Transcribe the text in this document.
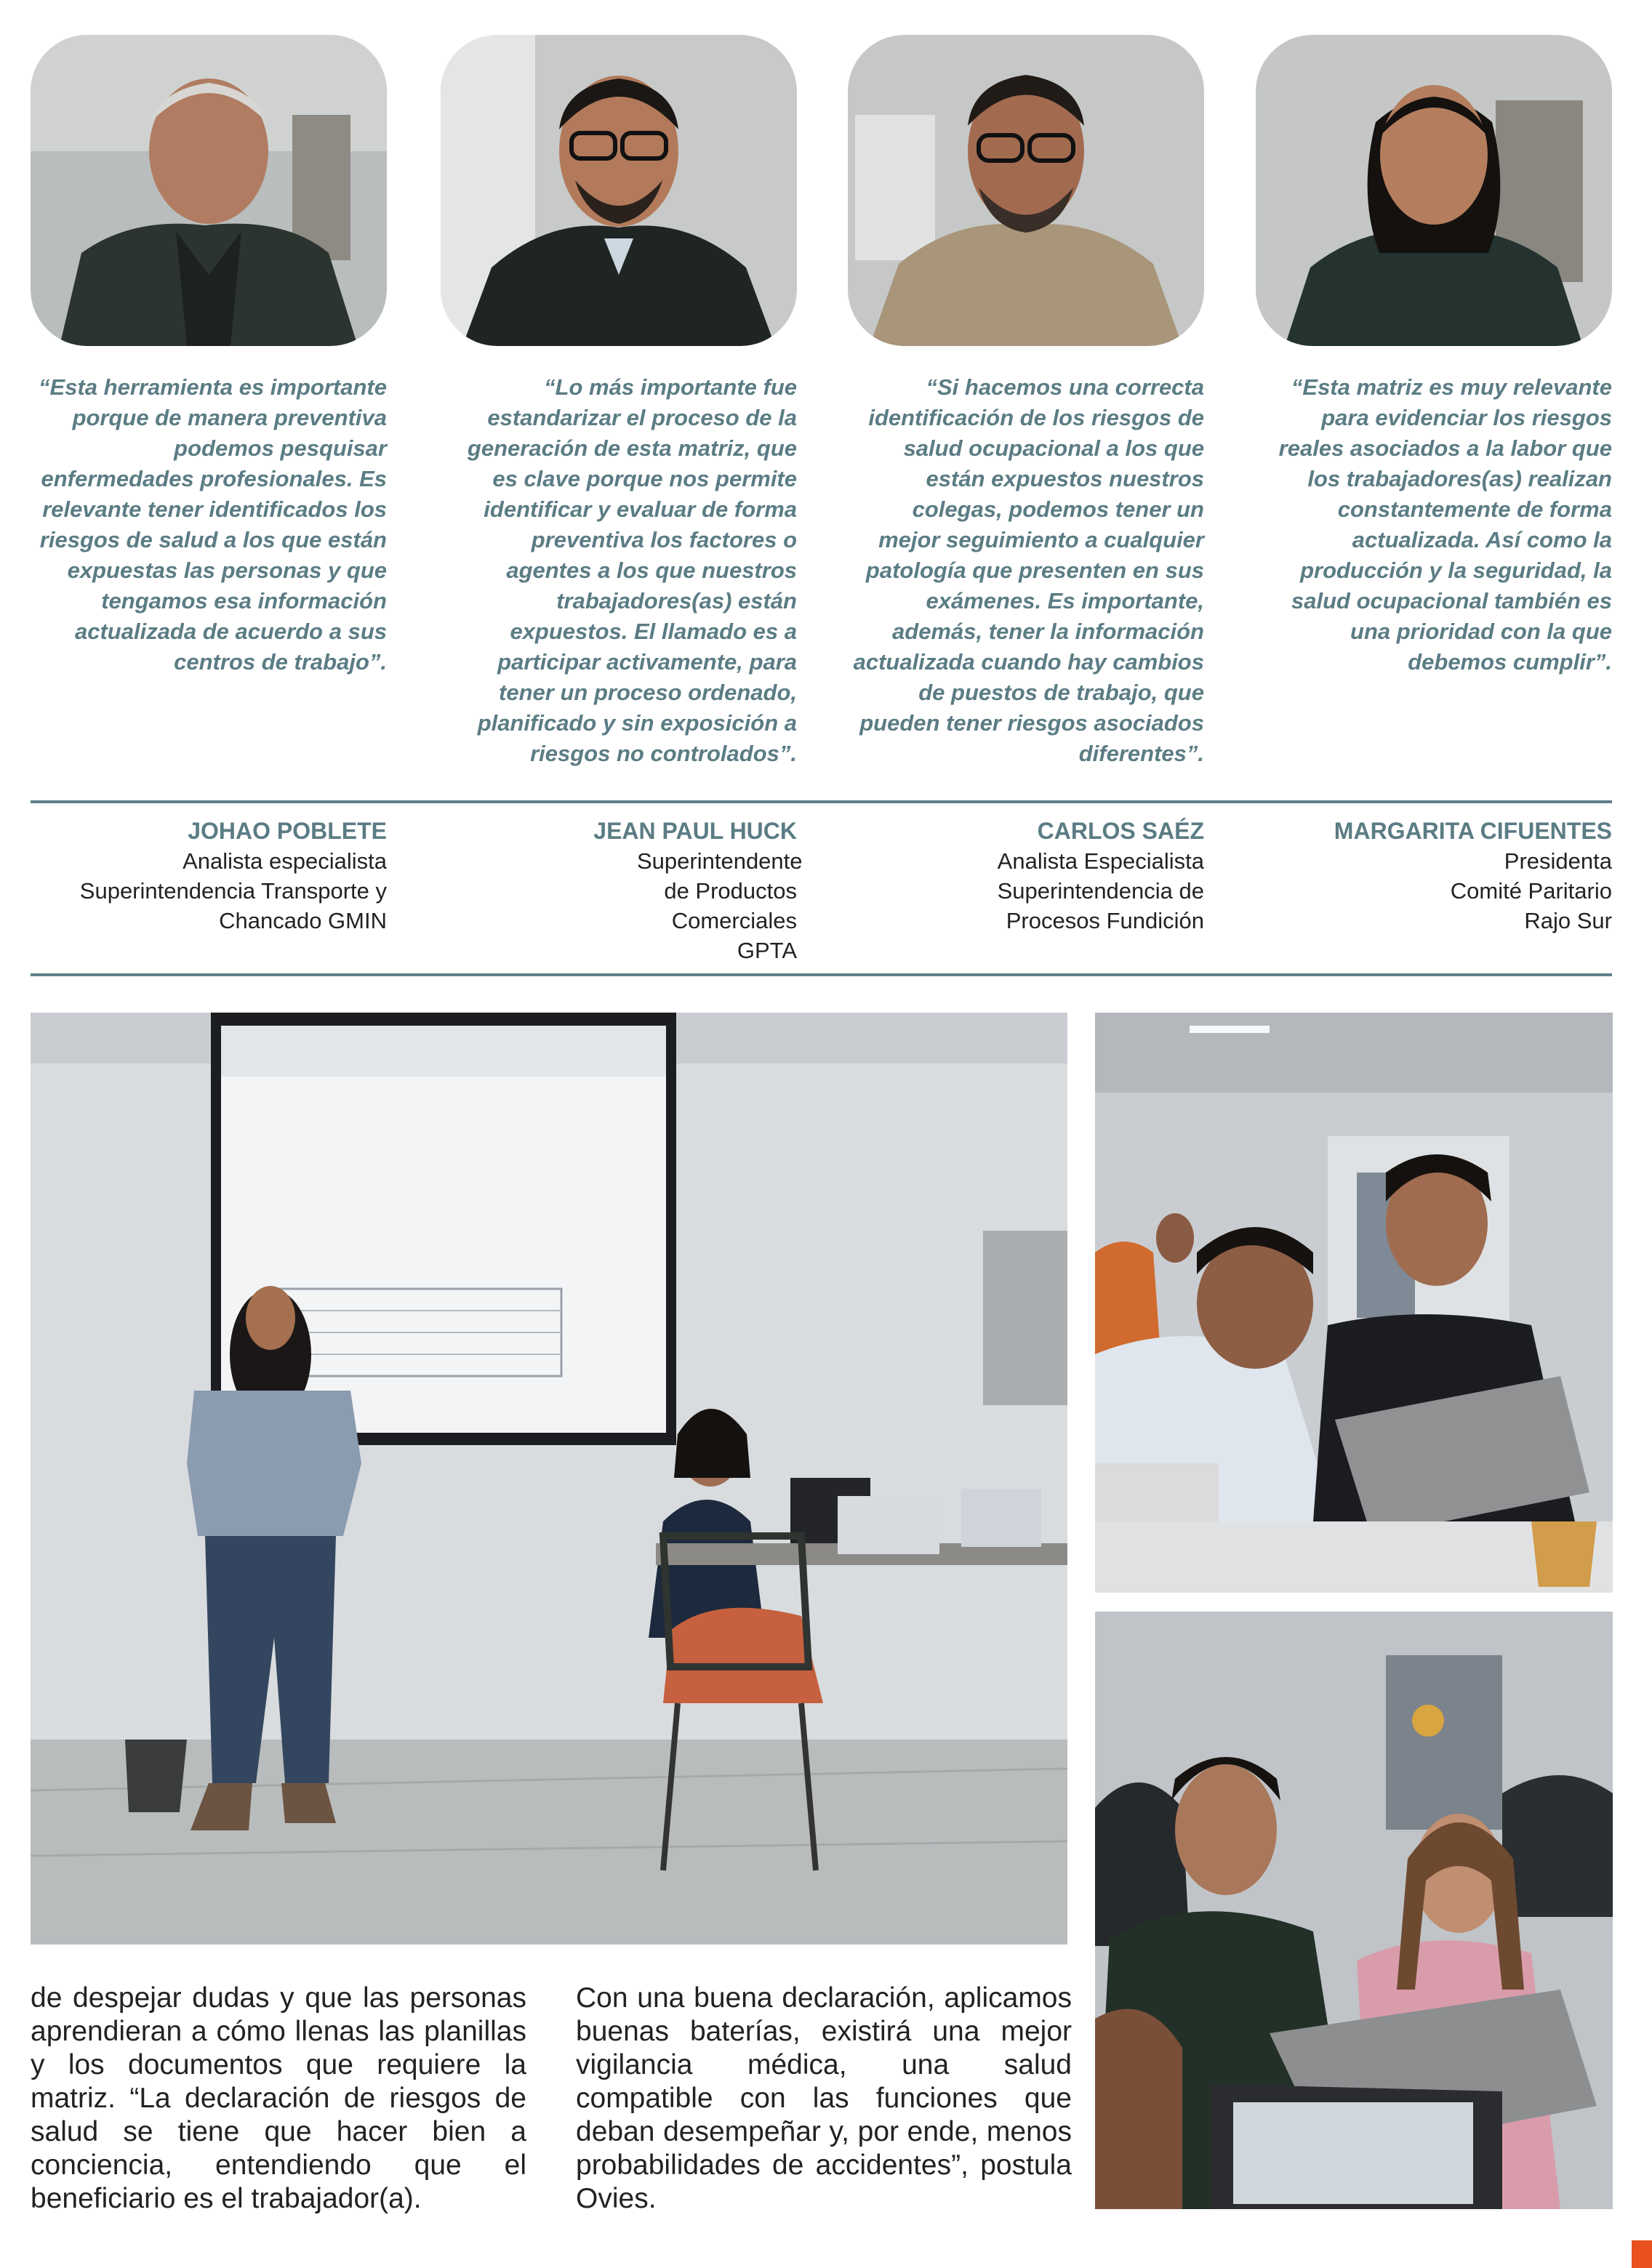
“Esta herramienta es importante porque de manera preventiva podemos pesquisar enfermedades profesionales. Es relevante tener identificados los riesgos de salud a los que están expuestas las personas y que tengamos esa información actualizada de acuerdo a sus centros de trabajo”.
“Lo más importante fue estandarizar el proceso de la generación de esta matriz, que es clave porque nos permite identificar y evaluar de forma preventiva los factores o agentes a los que nuestros trabajadores(as) están expuestos. El llamado es a participar activamente, para tener un proceso ordenado, planificado y sin exposición a riesgos no controlados”.
“Si hacemos una correcta identificación de los riesgos de salud ocupacional a los que están expuestos nuestros colegas, podemos tener un mejor seguimiento a cualquier patología que presenten en sus exámenes. Es importante, además, tener la información actualizada cuando hay cambios de puestos de trabajo, que pueden tener riesgos asociados diferentes”.
“Esta matriz es muy relevante para evidenciar los riesgos reales asociados a la labor que los trabajadores(as) realizan constantemente de forma actualizada. Así como la producción y la seguridad, la salud ocupacional también es una prioridad con la que debemos cumplir”.
JOHAO POBLETE
Analista especialista Superintendencia Transporte y Chancado GMIN
JEAN PAUL HUCK
Superintendente de Productos Comerciales GPTA
CARLOS SAÉZ
Analista Especialista Superintendencia de Procesos Fundición
MARGARITA CIFUENTES
Presidenta Comité Paritario Rajo Sur
de despejar dudas y que las personas aprendieran a cómo llenas las planillas y los documentos que requiere la matriz. “La declaración de riesgos de salud se tiene que hacer bien a conciencia, entendiendo que el beneficiario es el trabajador(a).
Con una buena declaración, aplicamos buenas baterías, existirá una mejor vigilancia médica, una salud compatible con las funciones que deban desempeñar y, por ende, menos probabilidades de accidentes”, postula Ovies.
